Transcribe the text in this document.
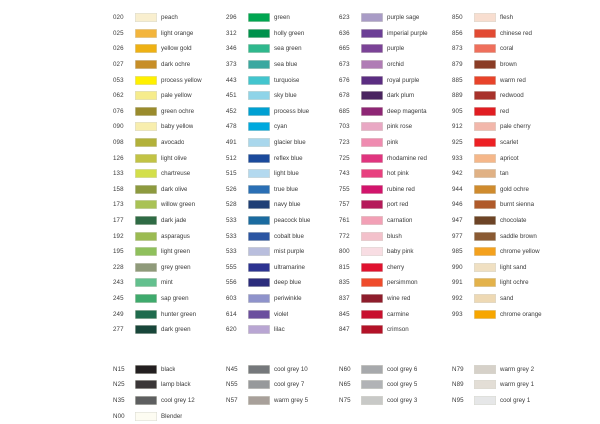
020	peach
025	light orange
026	yellow gold
027	dark ochre
053	process yellow
062	pale yellow
076	green ochre
090	baby yellow
098	avocado
126	light olive
133	chartreuse
158	dark olive
173	willow green
177	dark jade
192	asparagus
195	light green
228	grey green
243	mint
245	sap green
249	hunter green
277	dark green
296	green
312	holly green
346	sea green
373	sea blue
443	turquoise
451	sky blue
452	process blue
478	cyan
491	glacier blue
512	reflex blue
515	light blue
526	true blue
528	navy blue
533	peacock blue
533	cobalt blue
533	mist purple
555	ultramarine
556	deep blue
603	periwinkle
614	violet
620	lilac
623	purple sage
636	imperial purple
665	purple
673	orchid
676	royal purple
678	dark plum
685	deep magenta
703	pink rose
723	pink
725	rhodamine red
743	hot pink
755	rubine red
757	port red
761	carnation
772	blush
800	baby pink
815	cherry
835	persimmon
837	wine red
845	carmine
847	crimson
850	flesh
856	chinese red
873	coral
879	brown
885	warm red
889	redwood
905	red
912	pale cherry
925	scarlet
933	apricot
942	tan
944	gold ochre
946	burnt sienna
947	chocolate
977	saddle brown
985	chrome yellow
990	light sand
991	light ochre
992	sand
993	chrome orange
N15	black
N25	lamp black
N35	cool grey 12
N00	Blender
N45	cool grey 10
N55	cool grey 7
N57	warm grey 5
N60	cool grey 6
N65	cool grey 5
N75	cool grey 3
N79	warm grey 2
N89	warm grey 1
N95	cool grey 1
